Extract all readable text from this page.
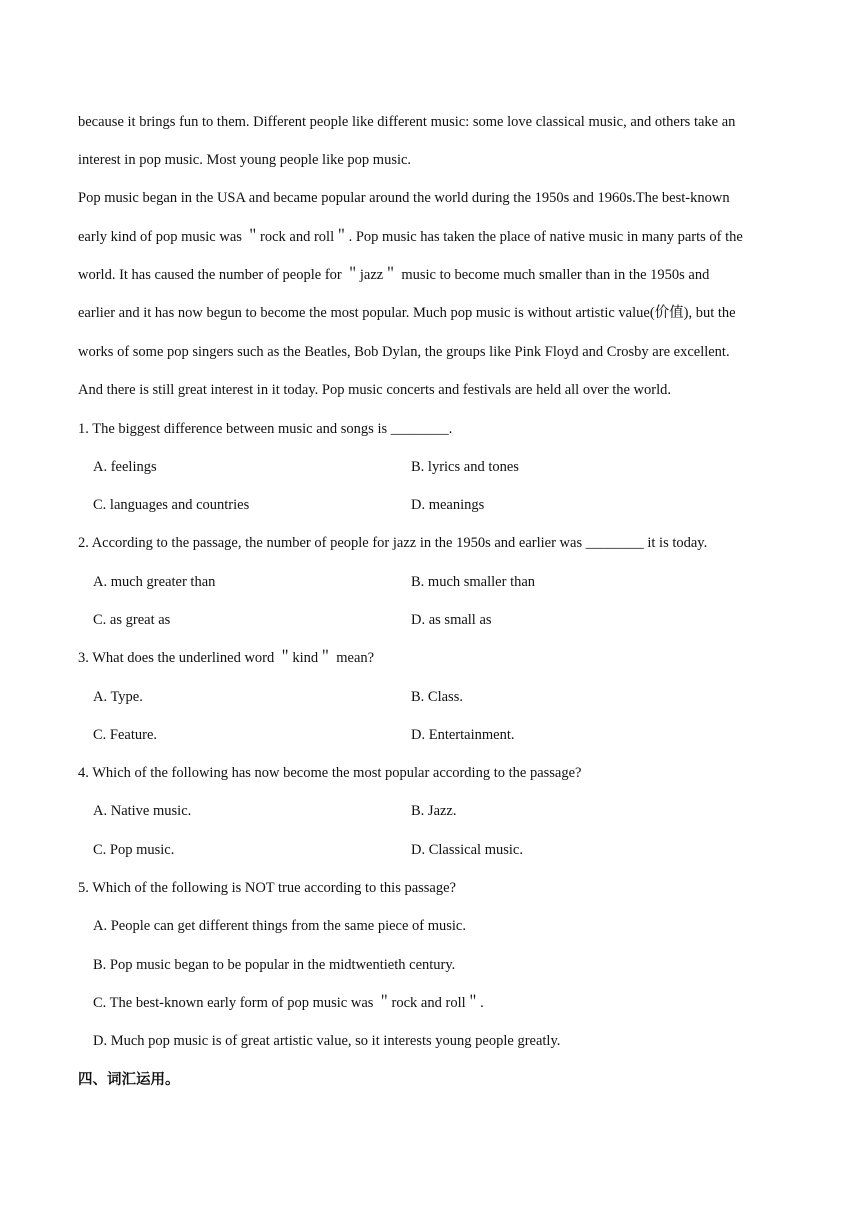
because it brings fun to them. Different people like different music: some love classical music, and others take an
interest in pop music. Most young people like pop music.
Pop music began in the USA and became popular around the world during the 1950s and 1960s.The best-known
early kind of pop music was ＂rock and roll＂. Pop music has taken the place of native music in many parts of the
world. It has caused the number of people for ＂jazz＂ music to become much smaller than in the 1950s and
earlier and it has now begun to become the most popular. Much pop music is without artistic value(价值), but the
works of some pop singers such as the Beatles, Bob Dylan, the groups like Pink Floyd and Crosby are excellent.
And there is still great interest in it today. Pop music concerts and festivals are held all over the world.
1. The biggest difference between music and songs is ________.
A. feelings	B. lyrics and tones
C. languages and countries	D. meanings
2. According to the passage, the number of people for jazz in the 1950s and earlier was ________ it is today.
A. much greater than	B. much smaller than
C. as great as	D. as small as
3. What does the underlined word ＂kind＂ mean?
A. Type.	B. Class.
C. Feature.	D. Entertainment.
4. Which of the following has now become the most popular according to the passage?
A. Native music.	B. Jazz.
C. Pop music.	D. Classical music.
5. Which of the following is NOT true according to this passage?
A. People can get different things from the same piece of music.
B. Pop music began to be popular in the midtwentieth century.
C. The best-known early form of pop music was ＂rock and roll＂.
D. Much pop music is of great artistic value, so it interests young people greatly.
四、词汇运用。
